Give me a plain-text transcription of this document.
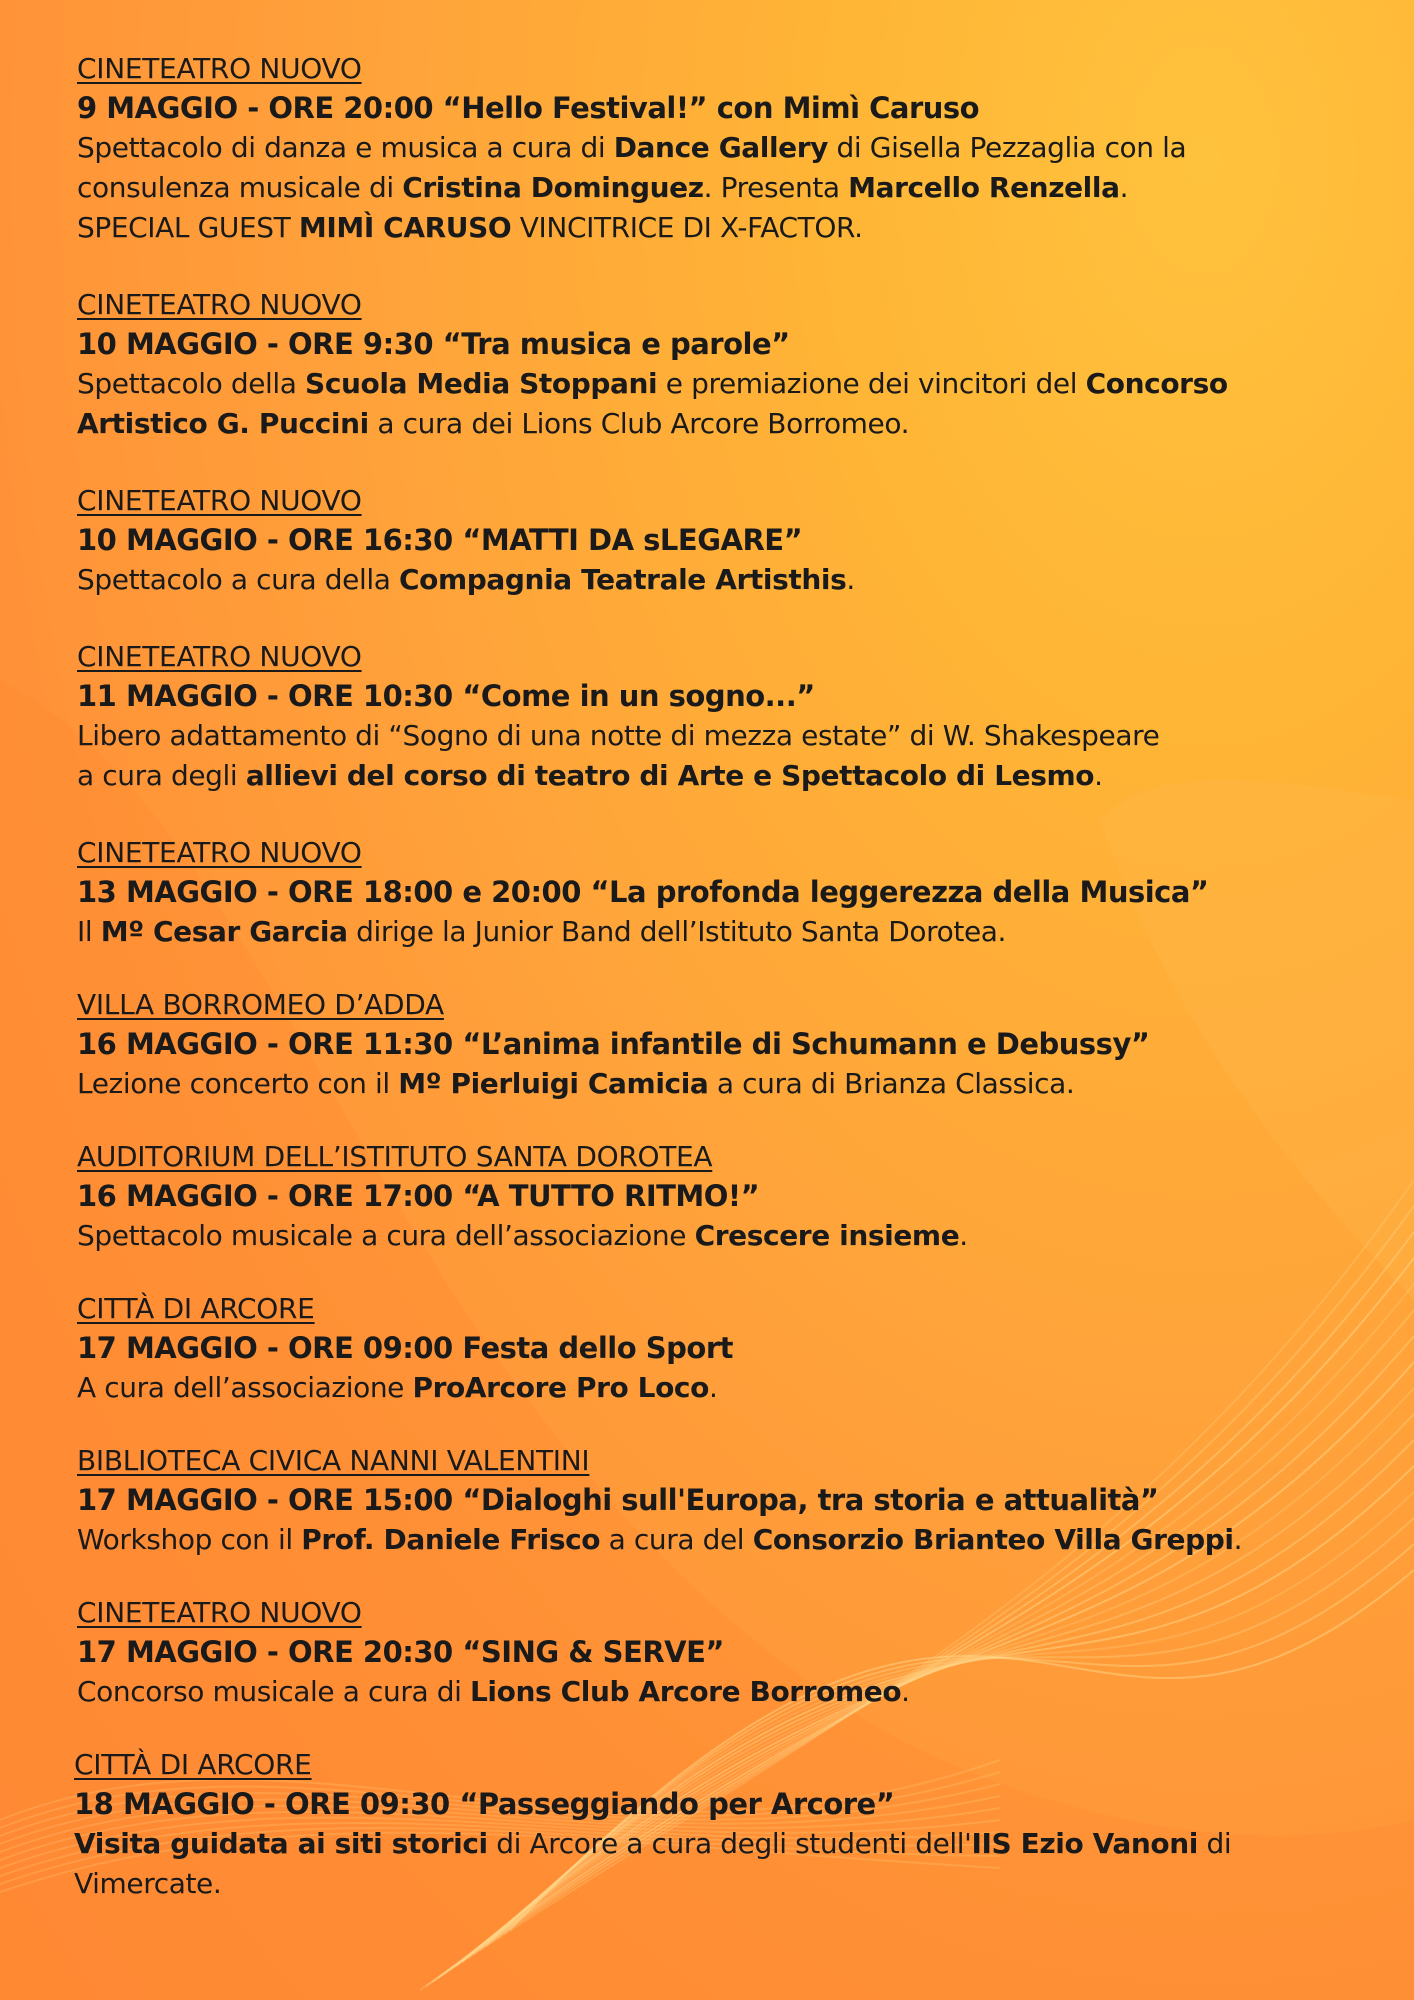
CINETEATRO NUOVO
9 MAGGIO - ORE 20:00 “Hello Festival!” con Mimì Caruso
Spettacolo di danza e musica a cura di Dance Gallery di Gisella Pezzaglia con la
consulenza musicale di Cristina Dominguez. Presenta Marcello Renzella.
SPECIAL GUEST MIMÌ CARUSO VINCITRICE DI X-FACTOR.
CINETEATRO NUOVO
10 MAGGIO - ORE 9:30 “Tra musica e parole”
Spettacolo della Scuola Media Stoppani e premiazione dei vincitori del Concorso
Artistico G. Puccini a cura dei Lions Club Arcore Borromeo.
CINETEATRO NUOVO
10 MAGGIO - ORE 16:30 “MATTI DA sLEGARE”
Spettacolo a cura della Compagnia Teatrale Artisthis.
CINETEATRO NUOVO
11 MAGGIO - ORE 10:30 “Come in un sogno...”
Libero adattamento di “Sogno di una notte di mezza estate” di W. Shakespeare
a cura degli allievi del corso di teatro di Arte e Spettacolo di Lesmo.
CINETEATRO NUOVO
13 MAGGIO - ORE 18:00 e 20:00 “La profonda leggerezza della Musica”
Il Mº Cesar Garcia dirige la Junior Band dell’Istituto Santa Dorotea.
VILLA BORROMEO D’ADDA
16 MAGGIO - ORE 11:30 “L’anima infantile di Schumann e Debussy”
Lezione concerto con il Mº Pierluigi Camicia a cura di Brianza Classica.
AUDITORIUM DELL’ISTITUTO SANTA DOROTEA
16 MAGGIO - ORE 17:00 “A TUTTO RITMO!”
Spettacolo musicale a cura dell’associazione Crescere insieme.
CITTÀ DI ARCORE
17 MAGGIO - ORE 09:00 Festa dello Sport
A cura dell’associazione ProArcore Pro Loco.
BIBLIOTECA CIVICA NANNI VALENTINI
17 MAGGIO - ORE 15:00 “Dialoghi sull'Europa, tra storia e attualità”
Workshop con il Prof. Daniele Frisco a cura del Consorzio Brianteo Villa Greppi.
CINETEATRO NUOVO
17 MAGGIO - ORE 20:30 “SING & SERVE”
Concorso musicale a cura di Lions Club Arcore Borromeo.
CITTÀ DI ARCORE
18 MAGGIO - ORE 09:30 “Passeggiando per Arcore”
Visita guidata ai siti storici di Arcore a cura degli studenti dell'IIS Ezio Vanoni di
Vimercate.
